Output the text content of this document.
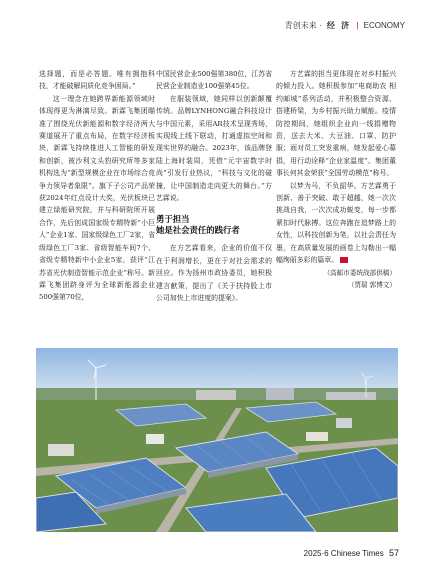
青创未来 · 经 济 | ECONOMY

选择题，而是必答题。唯有拥抱科技，才能破解同质化竞争困局。”

这一理念在她跨界新能源领域时体现得更为淋漓尽致。新霖飞集团瞄准了围绕光伏新能源和数字经济两大赛道展开了重点布局，在数字经济板块，新霖飞持续推进人工智能的研发和创新，被沙利文头豹研究所等多家机构选为“新型规模企业在市场综合竞争力领导者象限”。旗下子公司产品荣获2024年红点设计大奖，光伏板块已建立绿能研究院，并与科研院所开展合作，先后创成国家级专精特新“小巨人”企业1家、国家级绿色工厂2家，省级绿色工厂3家、省级智能车间7个、省级专精特新中小企业5家，获评“江苏省光伏制造智能示范企业”称号。新霖飞集团跻身评为全球新能源企业500强第70位，

中国民营企业500强第380位，江苏省民营企业制造业100强第45位。

在服装领域，她同样以创新颠覆传统。品牌LYNHONG融合科技设计与中国元素，采用AR技术呈现秀场，实现线上线下联动，打通虚拟空间和现实世界的融合。2023年，该品牌登陆上海时装周，凭借“元宇宙数字时尚”引发行业热议，“科技与文化的碰撞，让中国制造走向更大的舞台。”方艺霖说。

勇于担当
她是社会责任的践行者

在方艺霖看来，企业的价值不仅在于利润增长，更在于对社会需求的回应。作为扬州市政协委员，她积极建言献策，提出了《关于扶持股上市公司加快上市进度的提案》。

方艺霖的担当更体现在对乡村振兴的倾力投入。她积极参加“电商助农 相约邮城”系列活动，并积极整合资源、搭建桥梁，为乡村振兴助力赋能。疫情防控期间，她组织企业向一线捐赠物资，送去大米、大豆油、口罩、防护服；面对员工突发重病，她发起爱心募捐，用行动诠释“企业家温度”。集团董事长何其金荣获“全国劳动模范”称号。

以梦为马，不负韶华。方艺霖勇于创新、善于突破、敢于超越，她一次次挑战自我，一次次成功蜕变，每一步都紧扣时代脉搏。这位奔跑在追梦路上的女性，以科技创新为笔，以社会责任为墨，在高质量发展的画卷上勾勒出一幅幅绚丽多彩的篇章。

（高邮市委统战部供稿）
（贾瑞 郭博文）
2025·6 Chinese Times 57
